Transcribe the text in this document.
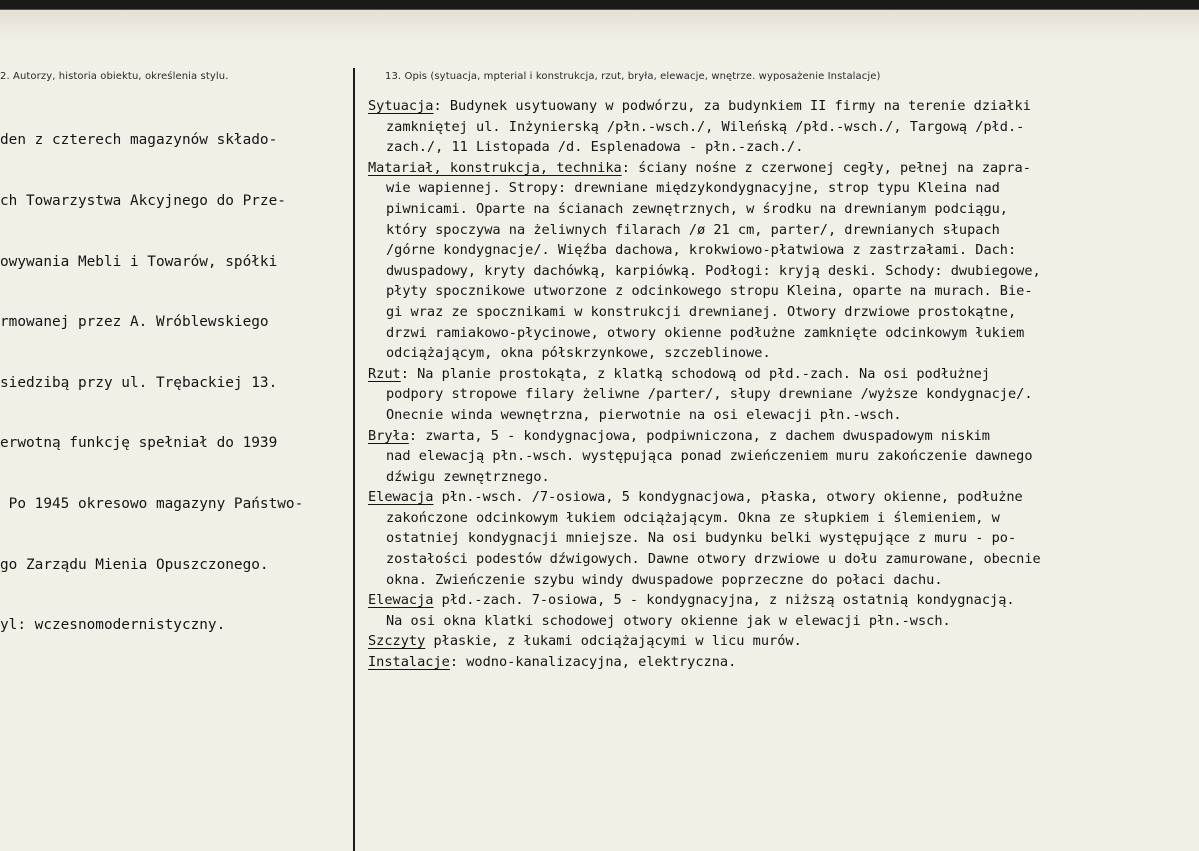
2. Autorzy, historia obiektu, określenia stylu.

den z czterech magazynów składo-

ch Towarzystwa Akcyjnego do Prze-

owywania Mebli i Towarów, spółki

rmowanej przez A. Wróblewskiego

siedzibą przy ul. Trębackiej 13.

erwotną funkcję spełniał do 1939

Po 1945 okresowo magazyny Państwo-

go Zarządu Mienia Opuszczonego.

yl: wczesnomodernistyczny.

13. Opis (sytuacja, mpterial i konstrukcja, rzut, bryła, elewacje, wnętrze. wyposażenie Instalacje)
Sytuacja: Budynek usytuowany w podwórzu, za budynkiem II firmy na terenie działki
zamkniętej ul. Inżynierską /płn.-wsch./, Wileńską /płd.-wsch./, Targową /płd.-
zach./, 11 Listopada /d. Esplenadowa - płn.-zach./.
Matariał, konstrukcja, technika: ściany nośne z czerwonej cegły, pełnej na zapra-
wie wapiennej. Stropy: drewniane międzykondygnacyjne, strop typu Kleina nad
piwnicami. Oparte na ścianach zewnętrznych, w środku na drewnianym podciągu,
który spoczywa na żeliwnych filarach /ø 21 cm, parter/, drewnianych słupach
/górne kondygnacje/. Więźba dachowa, krokwiowo-płatwiowa z zastrzałami. Dach:
dwuspadowy, kryty dachówką, karpiówką. Podłogi: kryją deski. Schody: dwubiegowe,
płyty spocznikowe utworzone z odcinkowego stropu Kleina, oparte na murach. Bie-
gi wraz ze spocznikami w konstrukcji drewnianej. Otwory drzwiowe prostokątne,
drzwi ramiakowo-płycinowe, otwory okienne podłużne zamknięte odcinkowym łukiem
odciążającym, okna półskrzynkowe, szczeblinowe.
Rzut: Na planie prostokąta, z klatką schodową od płd.-zach. Na osi podłużnej
podpory stropowe filary żeliwne /parter/, słupy drewniane /wyższe kondygnacje/.
Onecnie winda wewnętrzna, pierwotnie na osi elewacji płn.-wsch.
Bryła: zwarta, 5 - kondygnacjowa, podpiwniczona, z dachem dwuspadowym niskim
nad elewacją płn.-wsch. występująca ponad zwieńczeniem muru zakończenie dawnego
dźwigu zewnętrznego.
Elewacja płn.-wsch. /7-osiowa, 5 kondygnacjowa, płaska, otwory okienne, podłużne
zakończone odcinkowym łukiem odciążającym. Okna ze słupkiem i ślemieniem, w
ostatniej kondygnacji mniejsze. Na osi budynku belki występujące z muru - po-
zostałości podestów dźwigowych. Dawne otwory drzwiowe u dołu zamurowane, obecnie
okna. Zwieńczenie szybu windy dwuspadowe poprzeczne do połaci dachu.
Elewacja płd.-zach. 7-osiowa, 5 - kondygnacyjna, z niższą ostatnią kondygnacją.
Na osi okna klatki schodowej otwory okienne jak w elewacji płn.-wsch.
Szczyty płaskie, z łukami odciążającymi w licu murów.
Instalacje: wodno-kanalizacyjna, elektryczna.
